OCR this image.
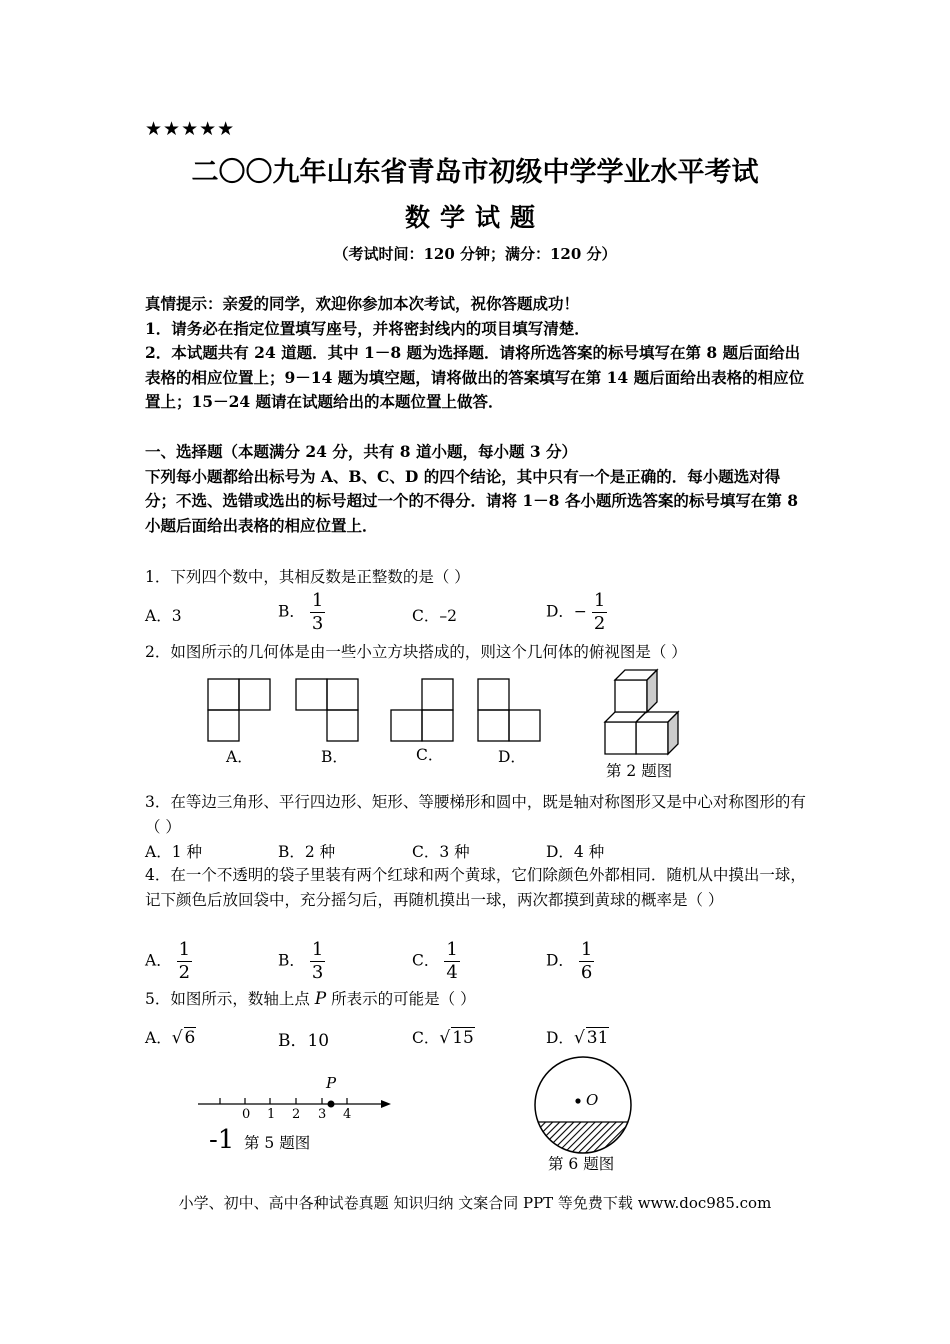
★★★★★
二〇〇九年山东省青岛市初级中学学业水平考试
数学试题
（考试时间：120 分钟；满分：120 分）

真情提示：亲爱的同学，欢迎你参加本次考试，祝你答题成功！

1．请务必在指定位置填写座号，并将密封线内的项目填写清楚．

2．本试题共有 24 道题．其中 1－8 题为选择题．请将所选答案的标号填写在第 8 题后面给出表格的相应位置上；9－14 题为填空题，请将做出的答案填写在第 14 题后面给出表格的相应位置上；15－24 题请在试题给出的本题位置上做答．

一、选择题（本题满分 24 分，共有 8 道小题，每小题 3 分）

下列每小题都给出标号为 A、B、C、D 的四个结论，其中只有一个是正确的．每小题选对得分；不选、选错或选出的标号超过一个的不得分．请将 1－8 各小题所选答案的标号填写在第 8 小题后面给出表格的相应位置上．

1．下列四个数中，其相反数是正整数的是（ ）
A．3	B． $\frac{1}{3}$	C．–2	D．− $\frac{1}{2}$
2．如图所示的几何体是由一些小立方块搭成的，则这个几何体的俯视图是（ ）
A．	B．	C．	D．
第 2 题图
3．在等边三角形、平行四边形、矩形、等腰梯形和圆中，既是轴对称图形又是中心对称图形的有（ ）
A．1 种	B．2 种	C．3 种	D．4 种
4．在一个不透明的袋子里装有两个红球和两个黄球，它们除颜色外都相同．随机从中摸出一球，记下颜色后放回袋中，充分摇匀后，再随机摸出一球，两次都摸到黄球的概率是（ ）
A． $\frac{1}{2}$	B． $\frac{1}{3}$	C． $\frac{1}{4}$	D． $\frac{1}{6}$
5．如图所示，数轴上点 P 所表示的可能是（ ）
A．√ 6	B．10	C．√ 15	D．√ 31
0 1 2 3 4
P
-1 第 5 题图
O
第 6 题图
小学、初中、高中各种试卷真题 知识归纳 文案合同 PPT 等免费下载 www.doc985.com
